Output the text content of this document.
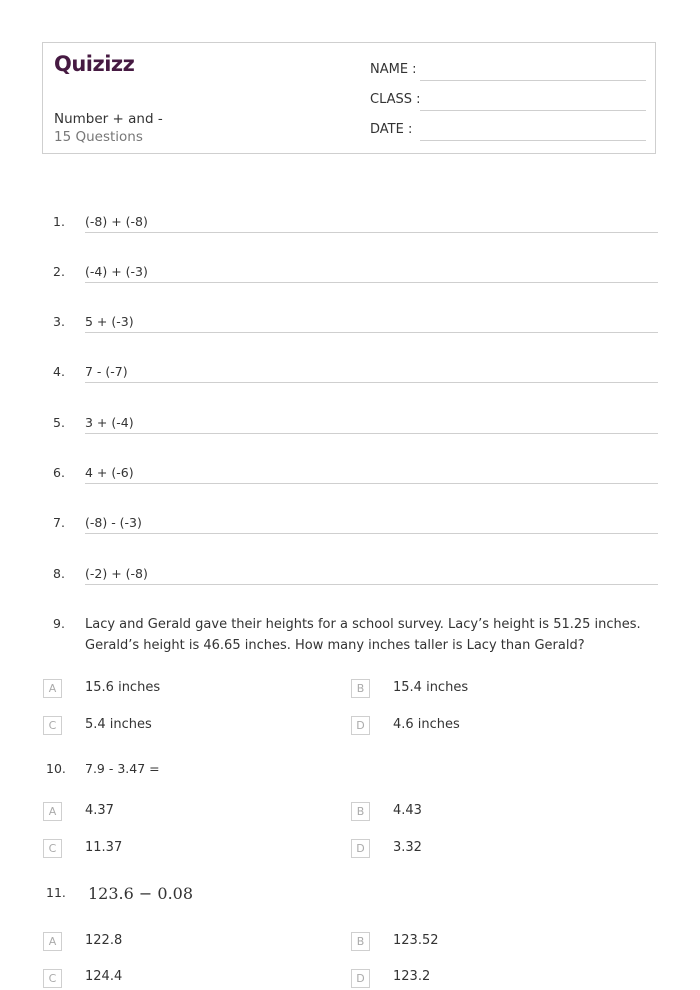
Quizizz
Number + and -
15 Questions
NAME :
CLASS :
DATE :
1. (-8) + (-8)
2. (-4) + (-3)
3. 5 + (-3)
4. 7 - (-7)
5. 3 + (-4)
6. 4 + (-6)
7. (-8) - (-3)
8. (-2) + (-8)
9. Lacy and Gerald gave their heights for a school survey. Lacy’s height is 51.25 inches. Gerald’s height is 46.65 inches. How many inches taller is Lacy than Gerald?
A	15.6 inches	B	15.4 inches
C	5.4 inches	D	4.6 inches
10. 7.9 - 3.47 =
A	4.37	B	4.43
C	11.37	D	3.32
11. 123.6 − 0.08
A	122.8	B	123.52
C	124.4	D	123.2
